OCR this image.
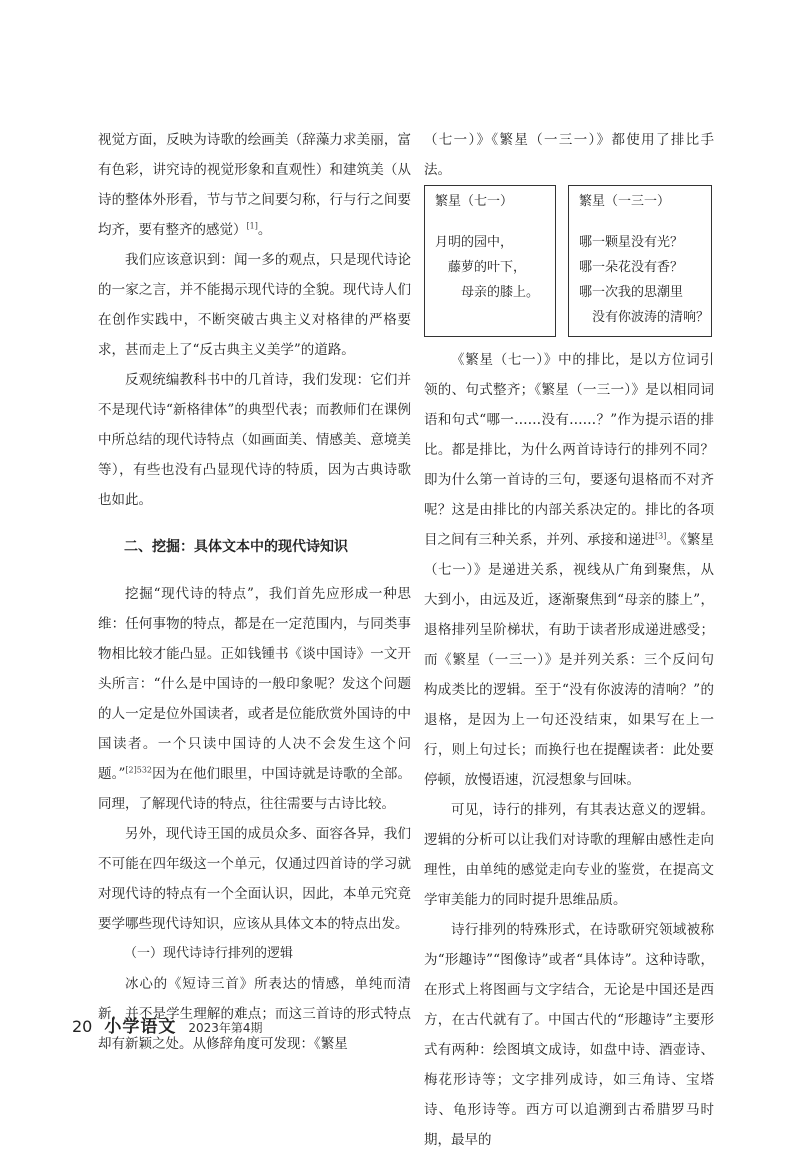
视觉方面，反映为诗歌的绘画美（辞藻力求美丽，富有色彩，讲究诗的视觉形象和直观性）和建筑美（从诗的整体外形看，节与节之间要匀称，行与行之间要均齐，要有整齐的感觉）[1]。

我们应该意识到：闻一多的观点，只是现代诗论的一家之言，并不能揭示现代诗的全貌。现代诗人们在创作实践中，不断突破古典主义对格律的严格要求，甚而走上了“反古典主义美学”的道路。

反观统编教科书中的几首诗，我们发现：它们并不是现代诗“新格律体”的典型代表；而教师们在课例中所总结的现代诗特点（如画面美、情感美、意境美等），有些也没有凸显现代诗的特质，因为古典诗歌也如此。

二、挖掘：具体文本中的现代诗知识

挖掘“现代诗的特点”，我们首先应形成一种思维：任何事物的特点，都是在一定范围内，与同类事物相比较才能凸显。正如钱锺书《谈中国诗》一文开头所言：“什么是中国诗的一般印象呢？发这个问题的人一定是位外国读者，或者是位能欣赏外国诗的中国读者。一个只读中国诗的人决不会发生这个问题。”$^{[2]532}$因为在他们眼里，中国诗就是诗歌的全部。同理，了解现代诗的特点，往往需要与古诗比较。

另外，现代诗王国的成员众多、面容各异，我们不可能在四年级这一个单元，仅通过四首诗的学习就对现代诗的特点有一个全面认识，因此，本单元究竟要学哪些现代诗知识，应该从具体文本的特点出发。

（一）现代诗诗行排列的逻辑

冰心的《短诗三首》所表达的情感，单纯而清新，并不是学生理解的难点；而这三首诗的形式特点却有新颖之处。从修辞角度可发现：《繁星

（七一）》《繁星（一三一）》都使用了排比手法。

繁星（七一）
月明的园中，
藤萝的叶下，
母亲的膝上。
繁星（一三一）
哪一颗星没有光？
哪一朵花没有香？
哪一次我的思潮里
没有你波涛的清响？

《繁星（七一）》中的排比，是以方位词引领的、句式整齐；《繁星（一三一）》是以相同词语和句式“哪一……没有……？”作为提示语的排比。都是排比，为什么两首诗诗行的排列不同？即为什么第一首诗的三句，要逐句退格而不对齐呢？这是由排比的内部关系决定的。排比的各项目之间有三种关系，并列、承接和递进[3]。《繁星（七一）》是递进关系，视线从广角到聚焦，从大到小，由远及近，逐渐聚焦到“母亲的膝上”，退格排列呈阶梯状，有助于读者形成递进感受；而《繁星（一三一）》是并列关系：三个反问句构成类比的逻辑。至于“没有你波涛的清响？”的退格，是因为上一句还没结束，如果写在上一行，则上句过长；而换行也在提醒读者：此处要停顿，放慢语速，沉浸想象与回味。

可见，诗行的排列，有其表达意义的逻辑。逻辑的分析可以让我们对诗歌的理解由感性走向理性，由单纯的感觉走向专业的鉴赏，在提高文学审美能力的同时提升思维品质。

诗行排列的特殊形式，在诗歌研究领域被称为“形趣诗”“图像诗”或者“具体诗”。这种诗歌，在形式上将图画与文字结合，无论是中国还是西方，在古代就有了。中国古代的“形趣诗”主要形式有两种：绘图填文成诗，如盘中诗、酒壶诗、梅花形诗等；文字排列成诗，如三角诗、宝塔诗、龟形诗等。西方可以追溯到古希腊罗马时期，最早的

20 小学语文 2023年第4期
